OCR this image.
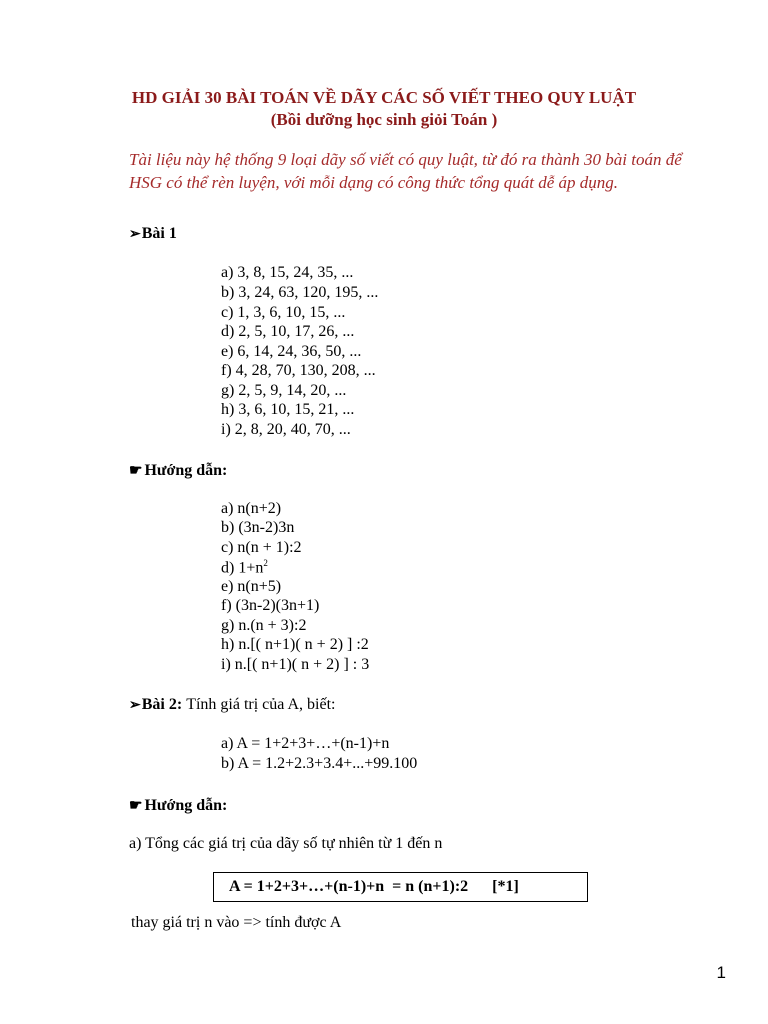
HD GIẢI 30 BÀI TOÁN VỀ DÃY CÁC SỐ VIẾT THEO QUY LUẬT
(Bồi dưỡng học sinh giỏi Toán )
Tài liệu này hệ thống 9 loại dãy số viết có quy luật, từ đó ra thành 30 bài toán để
HSG có thể rèn luyện, với mỗi dạng có công thức tổng quát dễ áp dụng.
➢Bài 1
a) 3, 8, 15, 24, 35, ...
b) 3, 24, 63, 120, 195, ...
c) 1, 3, 6, 10, 15, ...
d) 2, 5, 10, 17, 26, ...
e) 6, 14, 24, 36, 50, ...
f) 4, 28, 70, 130, 208, ...
g) 2, 5, 9, 14, 20, ...
h) 3, 6, 10, 15, 21, ...
i) 2, 8, 20, 40, 70, ...
☛ Hướng dẫn:
a) n(n+2)
b) (3n-2)3n
c) n(n + 1):2
d) $1+n^2$
e) n(n+5)
f) (3n-2)(3n+1)
g) n.(n + 3):2
h) n.[( n+1)( n + 2) ] :2
i) n.[( n+1)( n + 2) ] : 3
➢Bài 2: Tính giá trị của A, biết:
a) A = 1+2+3+…+(n-1)+n
b) A = 1.2+2.3+3.4+...+99.100
☛ Hướng dẫn:
a) Tổng các giá trị của dãy số tự nhiên từ 1 đến n
A = 1+2+3+…+(n-1)+n  = n (n+1):2      [*1]
thay giá trị n vào => tính được A
1
